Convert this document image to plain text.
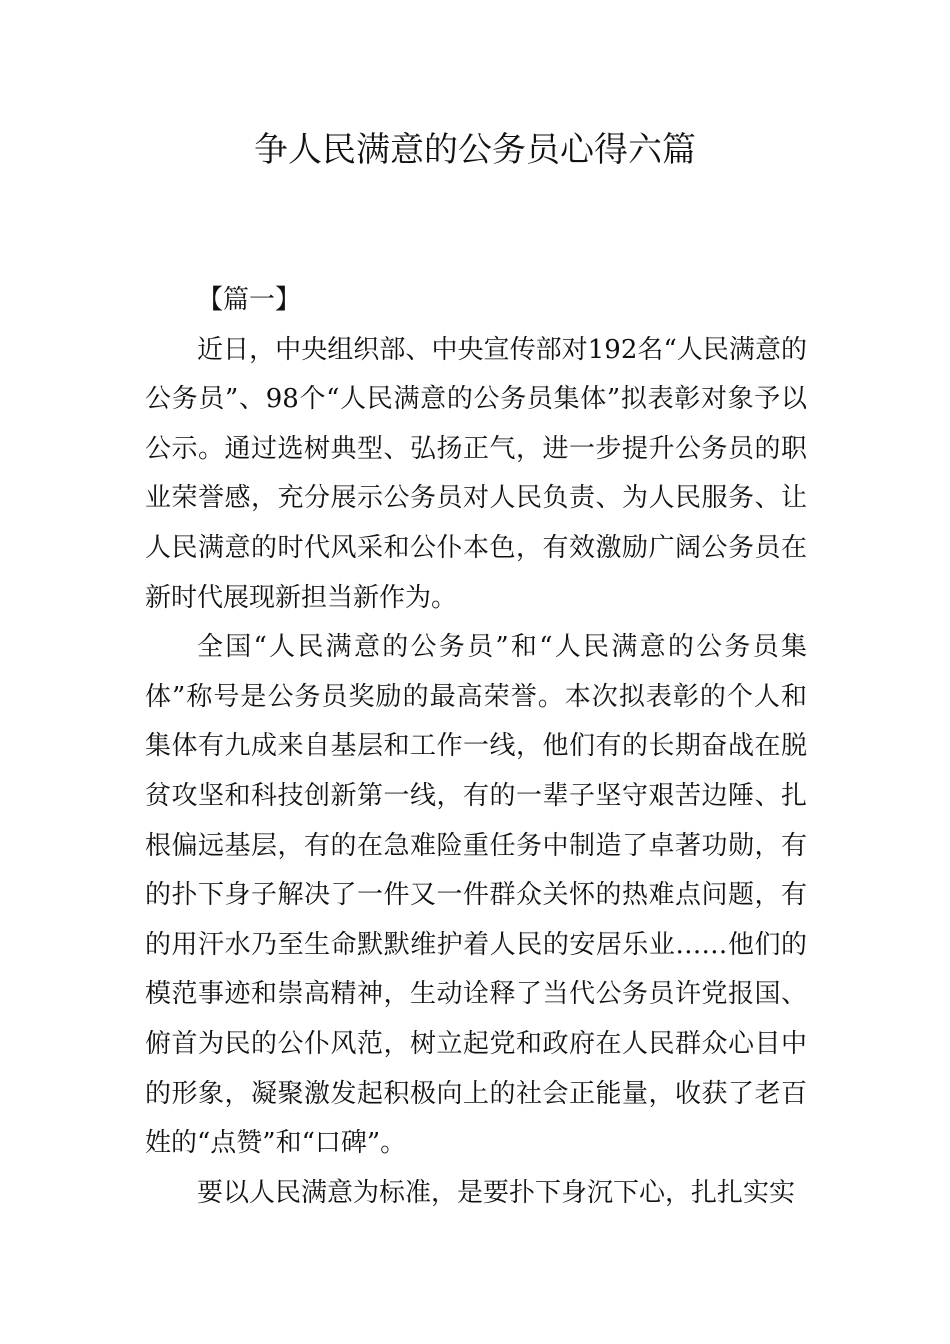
争人民满意的公务员心得六篇

【篇一】

近日，中央组织部、中央宣传部对192名“人民满意的公务员”、98个“人民满意的公务员集体”拟表彰对象予以公示。通过选树典型、弘扬正气，进一步提升公务员的职业荣誉感，充分展示公务员对人民负责、为人民服务、让人民满意的时代风采和公仆本色，有效激励广阔公务员在新时代展现新担当新作为。

全国“人民满意的公务员”和“人民满意的公务员集体”称号是公务员奖励的最高荣誉。本次拟表彰的个人和集体有九成来自基层和工作一线，他们有的长期奋战在脱贫攻坚和科技创新第一线，有的一辈子坚守艰苦边陲、扎根偏远基层，有的在急难险重任务中制造了卓著功勋，有的扑下身子解决了一件又一件群众关怀的热难点问题，有的用汗水乃至生命默默维护着人民的安居乐业……他们的模范事迹和崇高精神，生动诠释了当代公务员许党报国、俯首为民的公仆风范，树立起党和政府在人民群众心目中的形象，凝聚激发起积极向上的社会正能量，收获了老百姓的“点赞”和“口碑”。

要以人民满意为标准，是要扑下身沉下心，扎扎实实
